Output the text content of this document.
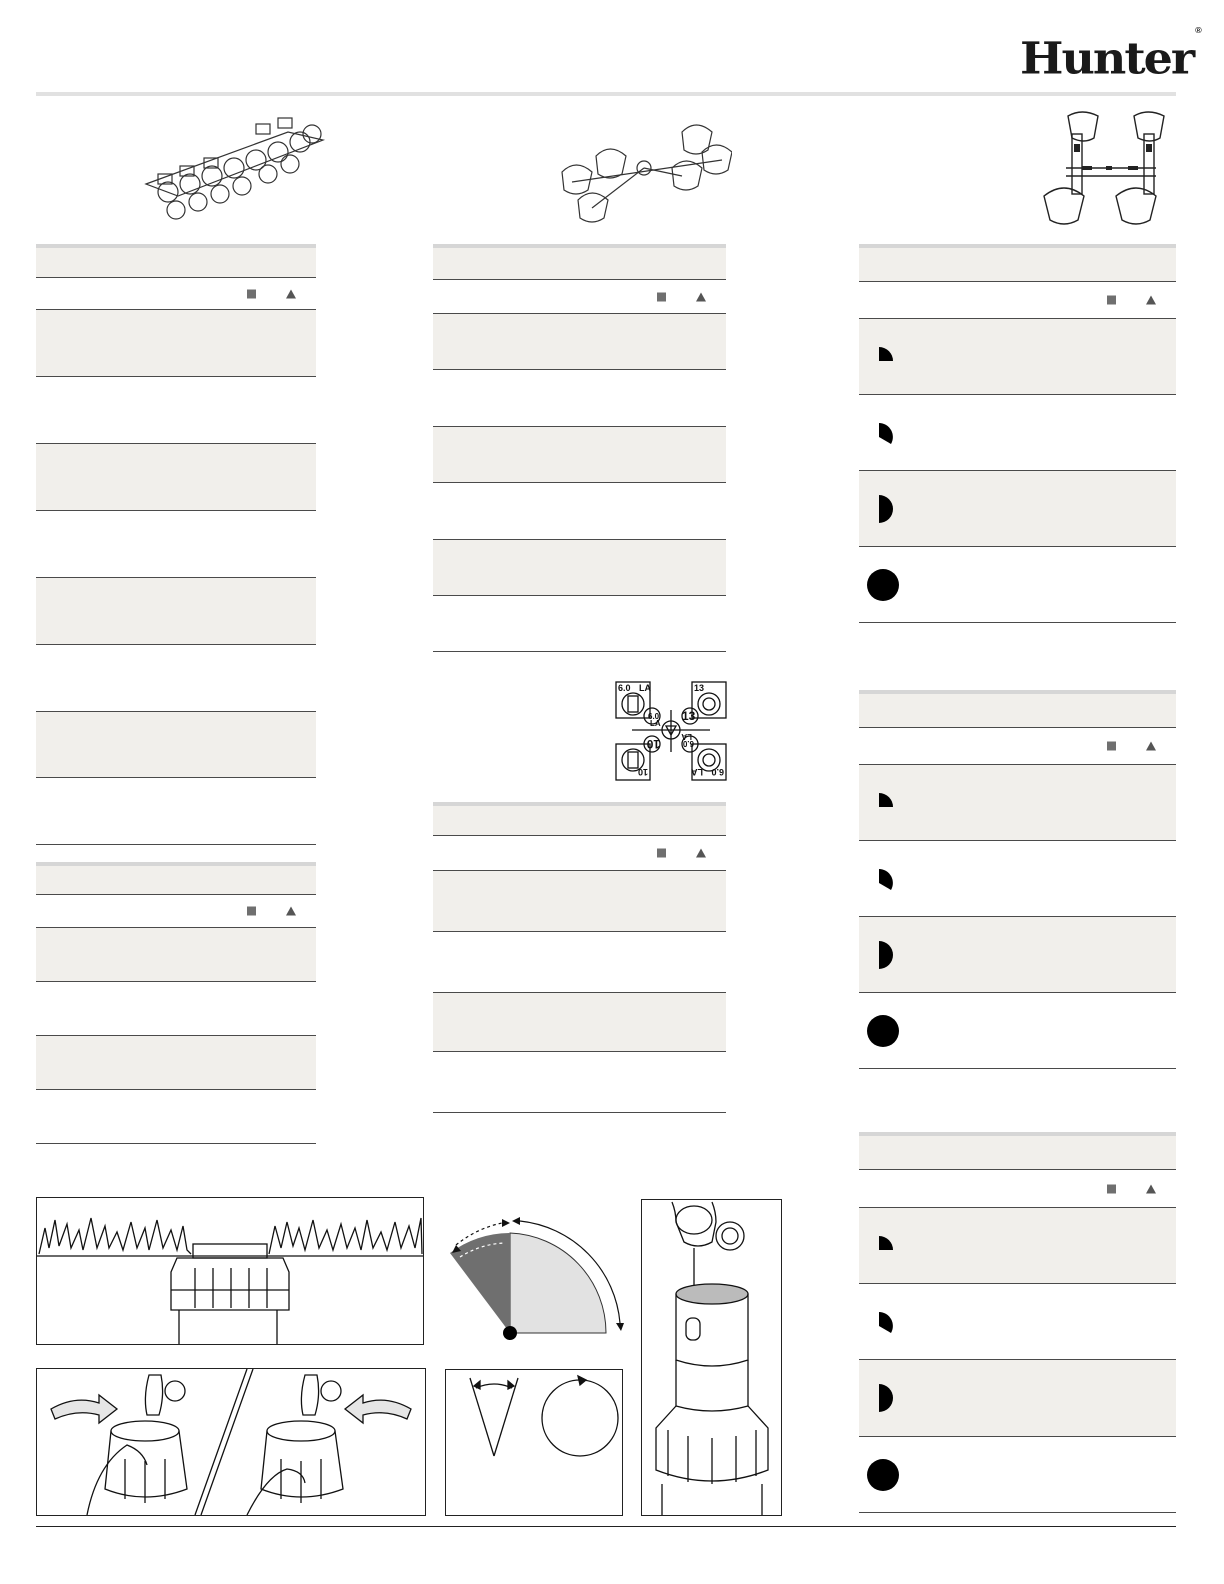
Hunter®
6.0 LA	13
13
6.0
LA
10	6.0
LA
10	6.0
LA
